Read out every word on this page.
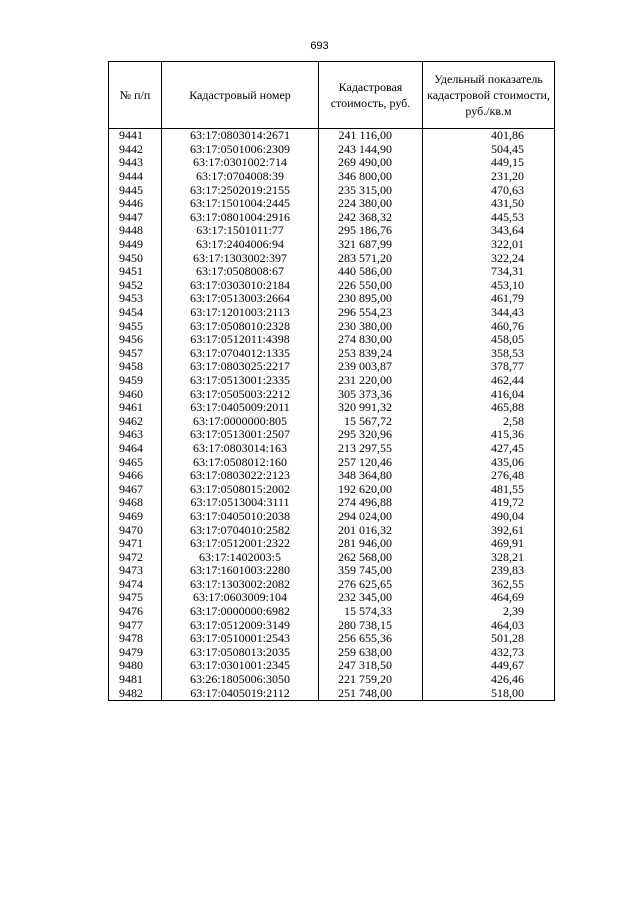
693
№ п/п	Кадастровый номер	Кадастровая стоимость, руб.	Удельный показатель кадастровой стоимости, руб./кв.м
9441	63:17:0803014:2671	241 116,00	401,86
9442	63:17:0501006:2309	243 144,90	504,45
9443	63:17:0301002:714	269 490,00	449,15
9444	63:17:0704008:39	346 800,00	231,20
9445	63:17:2502019:2155	235 315,00	470,63
9446	63:17:1501004:2445	224 380,00	431,50
9447	63:17:0801004:2916	242 368,32	445,53
9448	63:17:1501011:77	295 186,76	343,64
9449	63:17:2404006:94	321 687,99	322,01
9450	63:17:1303002:397	283 571,20	322,24
9451	63:17:0508008:67	440 586,00	734,31
9452	63:17:0303010:2184	226 550,00	453,10
9453	63:17:0513003:2664	230 895,00	461,79
9454	63:17:1201003:2113	296 554,23	344,43
9455	63:17:0508010:2328	230 380,00	460,76
9456	63:17:0512011:4398	274 830,00	458,05
9457	63:17:0704012:1335	253 839,24	358,53
9458	63:17:0803025:2217	239 003,87	378,77
9459	63:17:0513001:2335	231 220,00	462,44
9460	63:17:0505003:2212	305 373,36	416,04
9461	63:17:0405009:2011	320 991,32	465,88
9462	63:17:0000000:805	15 567,72	2,58
9463	63:17:0513001:2507	295 320,96	415,36
9464	63:17:0803014:163	213 297,55	427,45
9465	63:17:0508012:160	257 120,46	435,06
9466	63:17:0803022:2123	348 364,80	276,48
9467	63:17:0508015:2002	192 620,00	481,55
9468	63:17:0513004:3111	274 496,88	419,72
9469	63:17:0405010:2038	294 024,00	490,04
9470	63:17:0704010:2582	201 016,32	392,61
9471	63:17:0512001:2322	281 946,00	469,91
9472	63:17:1402003:5	262 568,00	328,21
9473	63:17:1601003:2280	359 745,00	239,83
9474	63:17:1303002:2082	276 625,65	362,55
9475	63:17:0603009:104	232 345,00	464,69
9476	63:17:0000000:6982	15 574,33	2,39
9477	63:17:0512009:3149	280 738,15	464,03
9478	63:17:0510001:2543	256 655,36	501,28
9479	63:17:0508013:2035	259 638,00	432,73
9480	63:17:0301001:2345	247 318,50	449,67
9481	63:26:1805006:3050	221 759,20	426,46
9482	63:17:0405019:2112	251 748,00	518,00
